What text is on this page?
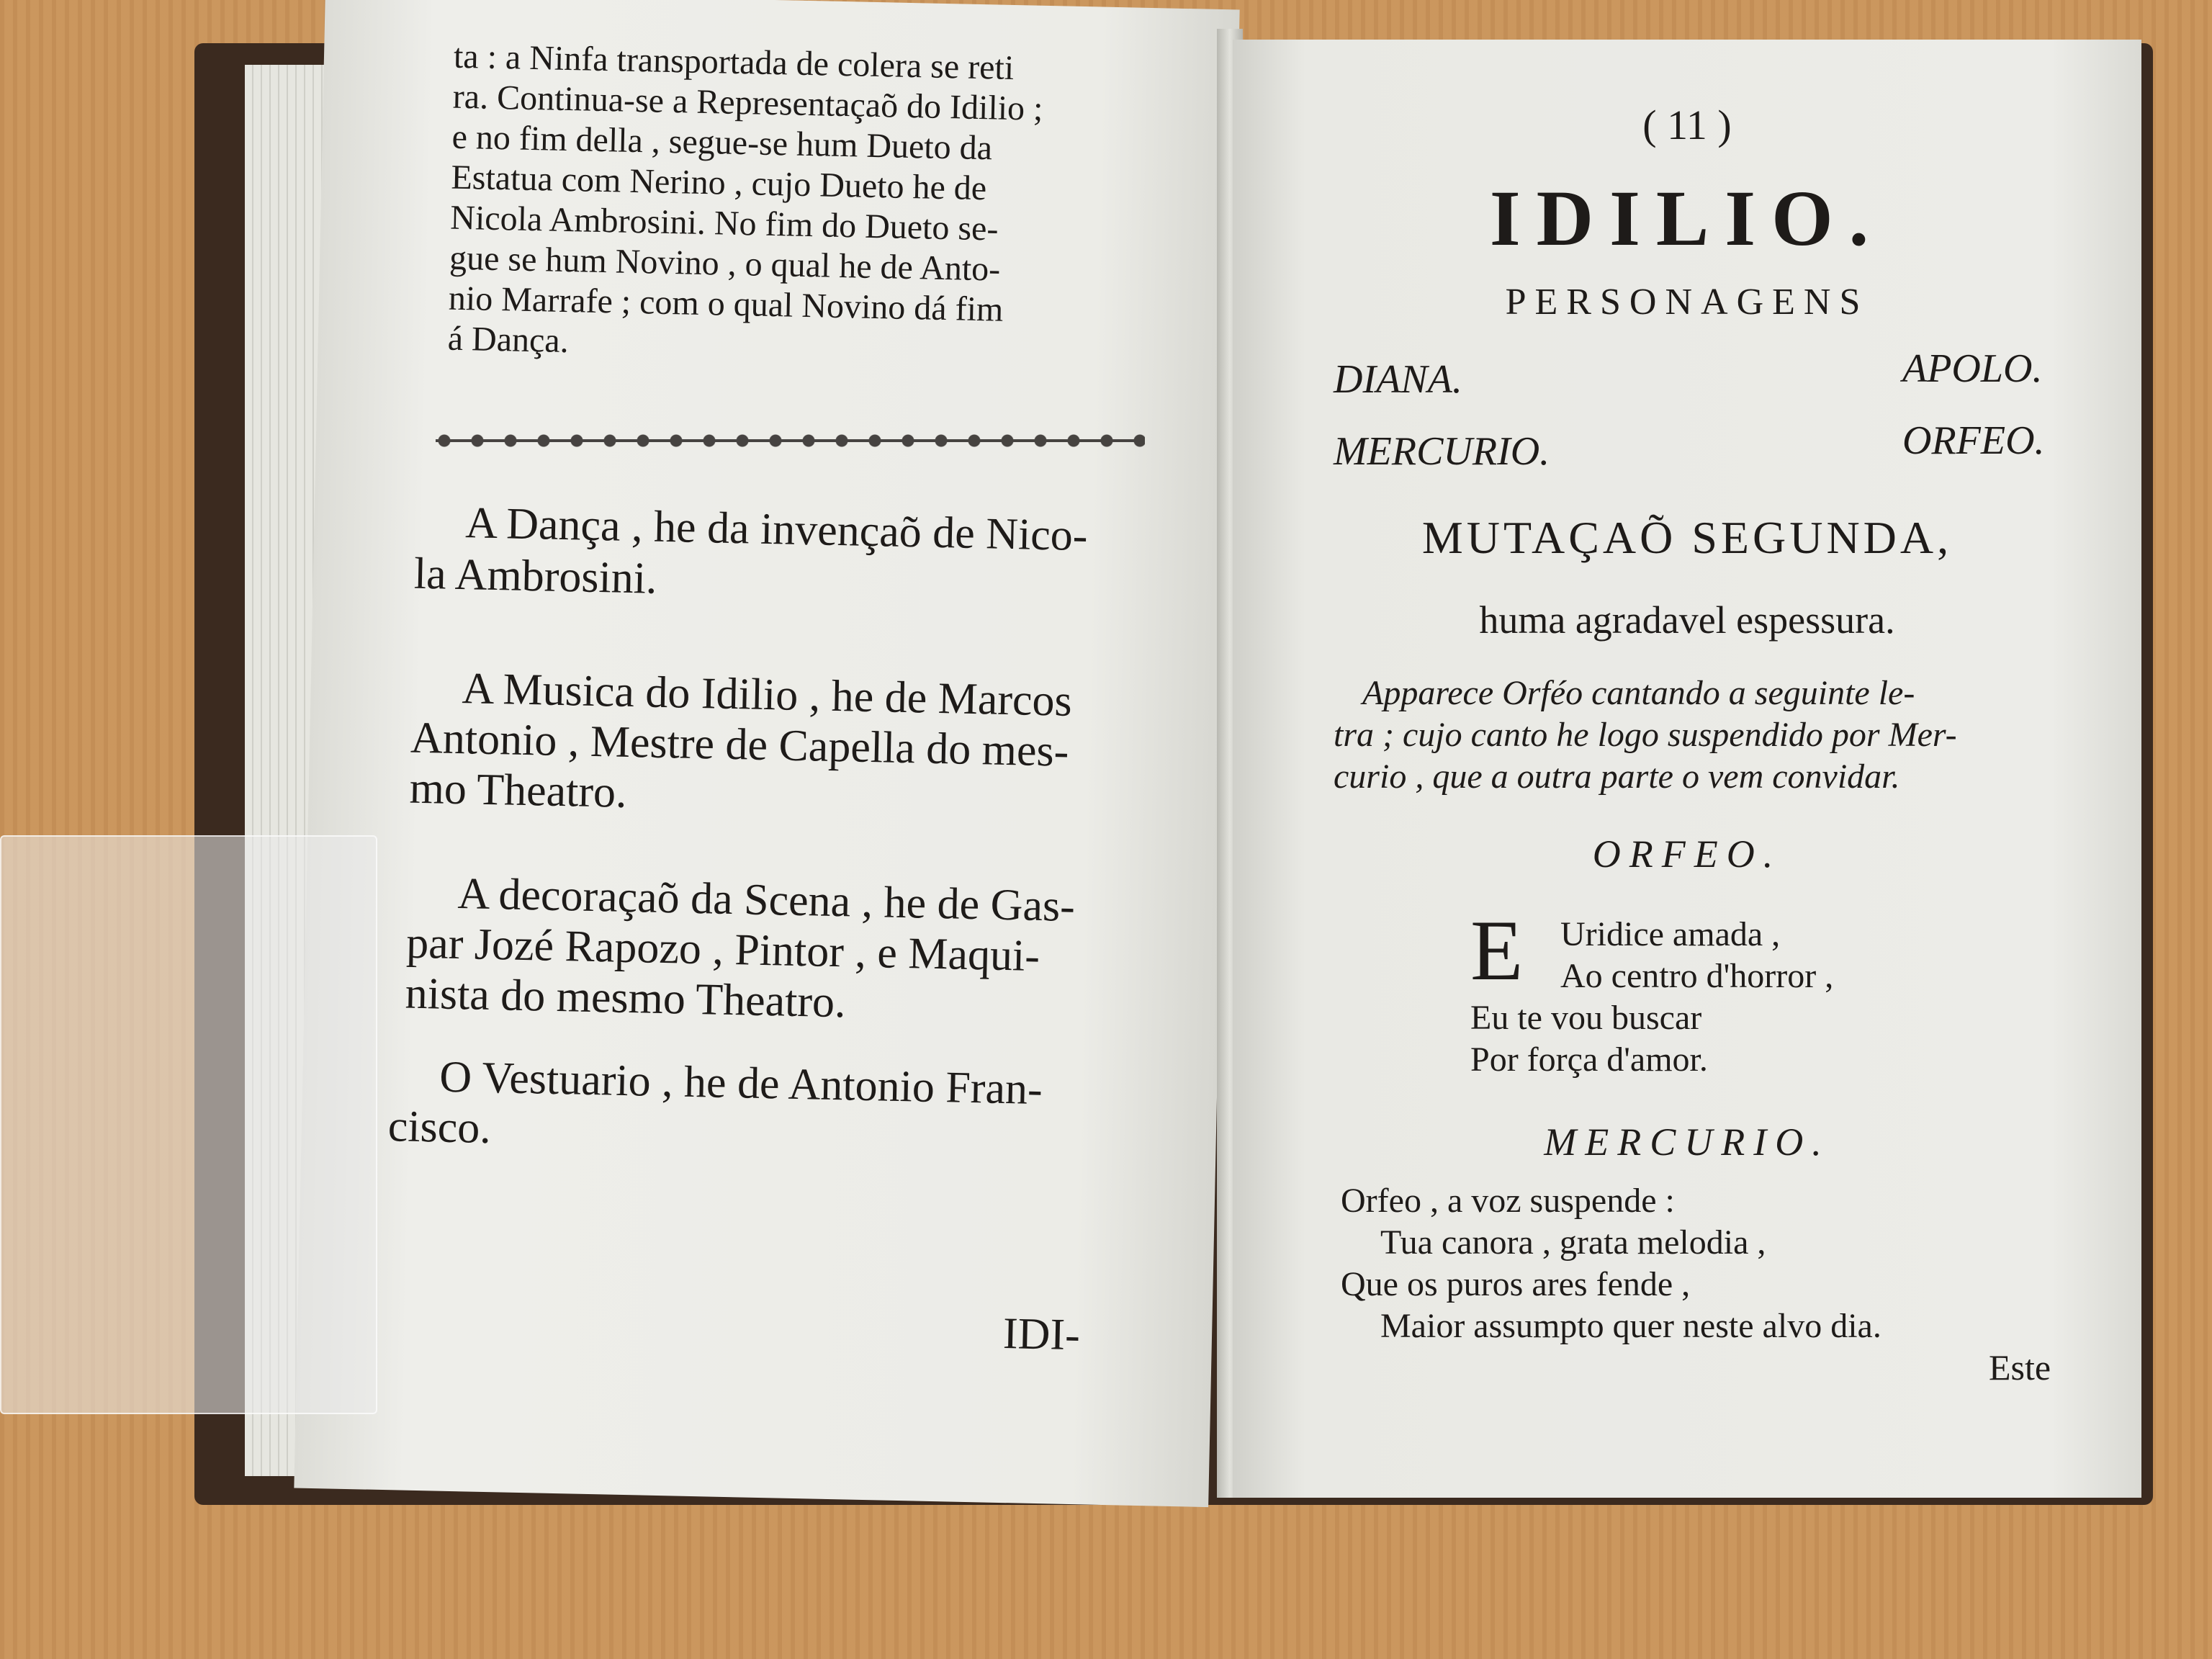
ta : a Ninfa transportada de colera se reti
ra. Continua-se a Representaçaõ do Idilio ;
e no fim della , segue-se hum Dueto da
Estatua com Nerino , cujo Dueto he de
Nicola Ambrosini. No fim do Dueto se-
gue se hum Novino , o qual he de Anto-
nio Marrafe ; com o qual Novino dá fim
á Dança.
A Dança , he da invençaõ de Nico-
la Ambrosini.
A Musica do Idilio , he de Marcos
Antonio , Mestre de Capella do mes-
mo Theatro.
A decoraçaõ da Scena , he de Gas-
par Jozé Rapozo , Pintor , e Maqui-
nista do mesmo Theatro.
O Vestuario , he de Antonio Fran-
cisco.
IDI-
( 11 )
IDILIO.
PERSONAGENS
DIANA.	APOLO.
MERCURIO.	ORFEO.
MUTAÇAÕ SEGUNDA,
huma agradavel espessura.
Apparece Orféo cantando a seguinte le-
tra ; cujo canto he logo suspendido por Mer-
curio , que a outra parte o vem convidar.
ORFEO.
E Uridice amada ,
Ao centro d'horror ,
Eu te vou buscar
Por força d'amor.
MERCURIO.
Orfeo , a voz suspende :
Tua canora , grata melodia ,
Que os puros ares fende ,
Maior assumpto quer neste alvo dia.
Este
